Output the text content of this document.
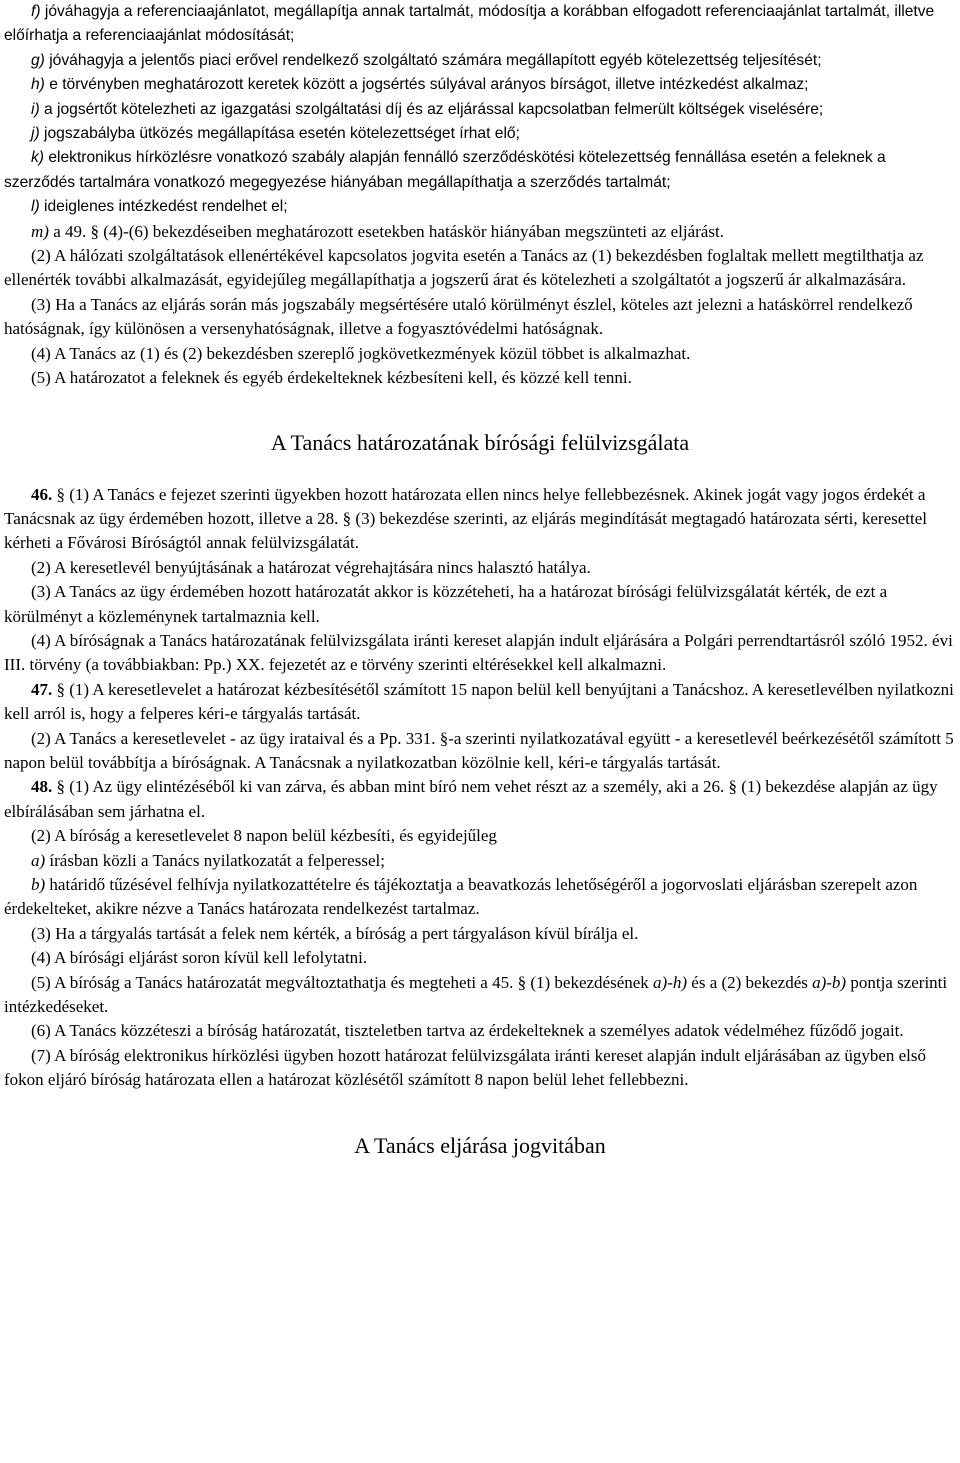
f) jóváhagyja a referenciaajánlatot, megállapítja annak tartalmát, módosítja a korábban elfogadott referenciaajánlat tartalmát, illetve előírhatja a referenciaajánlat módosítását;

g) jóváhagyja a jelentős piaci erővel rendelkező szolgáltató számára megállapított egyéb kötelezettség teljesítését;

h) e törvényben meghatározott keretek között a jogsértés súlyával arányos bírságot, illetve intézkedést alkalmaz;

i) a jogsértőt kötelezheti az igazgatási szolgáltatási díj és az eljárással kapcsolatban felmerült költségek viselésére;

j) jogszabályba ütközés megállapítása esetén kötelezettséget írhat elő;

k) elektronikus hírközlésre vonatkozó szabály alapján fennálló szerződéskötési kötelezettség fennállása esetén a feleknek a szerződés tartalmára vonatkozó megegyezése hiányában megállapíthatja a szerződés tartalmát;

l) ideiglenes intézkedést rendelhet el;

m) a 49. § (4)-(6) bekezdéseiben meghatározott esetekben hatáskör hiányában megszünteti az eljárást.

(2) A hálózati szolgáltatások ellenértékével kapcsolatos jogvita esetén a Tanács az (1) bekezdésben foglaltak mellett megtilthatja az ellenérték további alkalmazását, egyidejűleg megállapíthatja a jogszerű árat és kötelezheti a szolgáltatót a jogszerű ár alkalmazására.

(3) Ha a Tanács az eljárás során más jogszabály megsértésére utaló körülményt észlel, köteles azt jelezni a hatáskörrel rendelkező hatóságnak, így különösen a versenyhatóságnak, illetve a fogyasztóvédelmi hatóságnak.

(4) A Tanács az (1) és (2) bekezdésben szereplő jogkövetkezmények közül többet is alkalmazhat.

(5) A határozatot a feleknek és egyéb érdekelteknek kézbesíteni kell, és közzé kell tenni.

A Tanács határozatának bírósági felülvizsgálata

46. § (1) A Tanács e fejezet szerinti ügyekben hozott határozata ellen nincs helye fellebbezésnek. Akinek jogát vagy jogos érdekét a Tanácsnak az ügy érdemében hozott, illetve a 28. § (3) bekezdése szerinti, az eljárás megindítását megtagadó határozata sérti, keresettel kérheti a Fővárosi Bíróságtól annak felülvizsgálatát.

(2) A keresetlevél benyújtásának a határozat végrehajtására nincs halasztó hatálya.

(3) A Tanács az ügy érdemében hozott határozatát akkor is közzéteheti, ha a határozat bírósági felülvizsgálatát kérték, de ezt a körülményt a közleménynek tartalmaznia kell.

(4) A bíróságnak a Tanács határozatának felülvizsgálata iránti kereset alapján indult eljárására a Polgári perrendtartásról szóló 1952. évi III. törvény (a továbbiakban: Pp.) XX. fejezetét az e törvény szerinti eltérésekkel kell alkalmazni.

47. § (1) A keresetlevelet a határozat kézbesítésétől számított 15 napon belül kell benyújtani a Tanácshoz. A keresetlevélben nyilatkozni kell arról is, hogy a felperes kéri-e tárgyalás tartását.

(2) A Tanács a keresetlevelet - az ügy irataival és a Pp. 331. §-a szerinti nyilatkozatával együtt - a keresetlevél beérkezésétől számított 5 napon belül továbbítja a bíróságnak. A Tanácsnak a nyilatkozatban közölnie kell, kéri-e tárgyalás tartását.

48. § (1) Az ügy elintézéséből ki van zárva, és abban mint bíró nem vehet részt az a személy, aki a 26. § (1) bekezdése alapján az ügy elbírálásában sem járhatna el.

(2) A bíróság a keresetlevelet 8 napon belül kézbesíti, és egyidejűleg

a) írásban közli a Tanács nyilatkozatát a felperessel;

b) határidő tűzésével felhívja nyilatkozattételre és tájékoztatja a beavatkozás lehetőségéről a jogorvoslati eljárásban szerepelt azon érdekelteket, akikre nézve a Tanács határozata rendelkezést tartalmaz.

(3) Ha a tárgyalás tartását a felek nem kérték, a bíróság a pert tárgyaláson kívül bírálja el.

(4) A bírósági eljárást soron kívül kell lefolytatni.

(5) A bíróság a Tanács határozatát megváltoztathatja és megteheti a 45. § (1) bekezdésének a)-h) és a (2) bekezdés a)-b) pontja szerinti intézkedéseket.

(6) A Tanács közzéteszi a bíróság határozatát, tiszteletben tartva az érdekelteknek a személyes adatok védelméhez fűződő jogait.

(7) A bíróság elektronikus hírközlési ügyben hozott határozat felülvizsgálata iránti kereset alapján indult eljárásában az ügyben első fokon eljáró bíróság határozata ellen a határozat közlésétől számított 8 napon belül lehet fellebbezni.

A Tanács eljárása jogvitában
